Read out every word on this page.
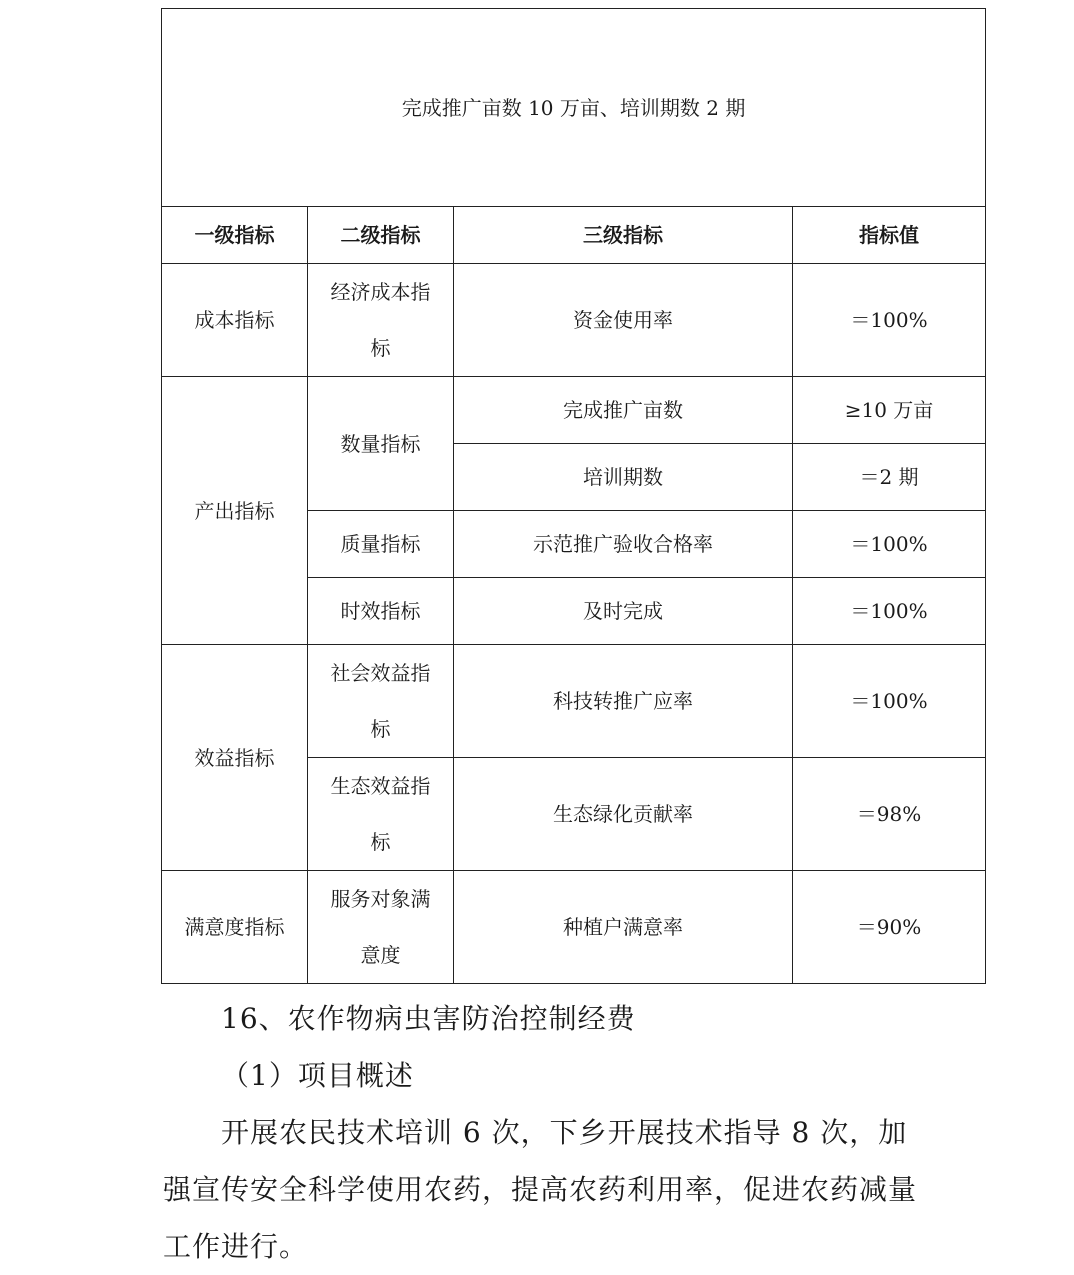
完成推广亩数 10 万亩、培训期数 2 期			
一级指标	二级指标	三级指标	指标值
成本指标	经济成本指标	资金使用率	＝100%
产出指标	数量指标	完成推广亩数	≥10 万亩
		培训期数	＝2 期
	质量指标	示范推广验收合格率	＝100%
	时效指标	及时完成	＝100%
效益指标	社会效益指标	科技转推广应率	＝100%
	生态效益指标	生态绿化贡献率	＝98%
满意度指标	服务对象满意度	种植户满意率	＝90%

16、农作物病虫害防治控制经费

（1）项目概述

开展农民技术培训 6 次，下乡开展技术指导 8 次，加强宣传安全科学使用农药，提高农药利用率，促进农药减量工作进行。
